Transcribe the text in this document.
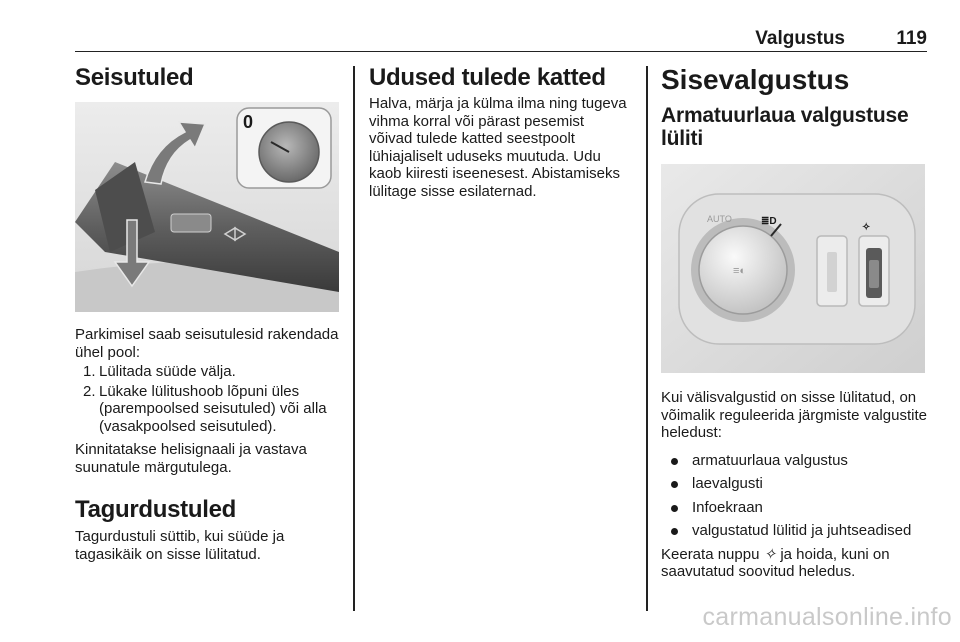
Valgustus	119
Seisutuled
0
Parkimisel saab seisutulesid rakendada ühel pool:
1. Lülitada süüde välja.
2. Lükake lülitushoob lõpuni üles (parempoolsed seisutuled) või alla (vasakpoolsed seisutuled).
Kinnitatakse helisignaali ja vastava suunatule märgutulega.
Tagurdustuled
Tagurdustuli süttib, kui süüde ja tagasikäik on sisse lülitatud.
Udused tulede katted
Halva, märja ja külma ilma ning tugeva vihma korral või pärast pesemist võivad tulede katted seestpoolt lühiajaliselt uduseks muutuda. Udu kaob kiiresti iseenesest. Abistamiseks lülitage sisse esilaternad.
Sisevalgustus
Armatuurlaua valgustuse lüliti
AUTO	≣D
≡◐
✧
Kui välisvalgustid on sisse lülitatud, on võimalik reguleerida järgmiste valgustite heledust:
armatuurlaua valgustus
laevalgusti
Infoekraan
valgustatud lülitid ja juhtseadised
Keerata nuppu ✧ ja hoida, kuni on saavutatud soovitud heledus.
carmanualsonline.info
